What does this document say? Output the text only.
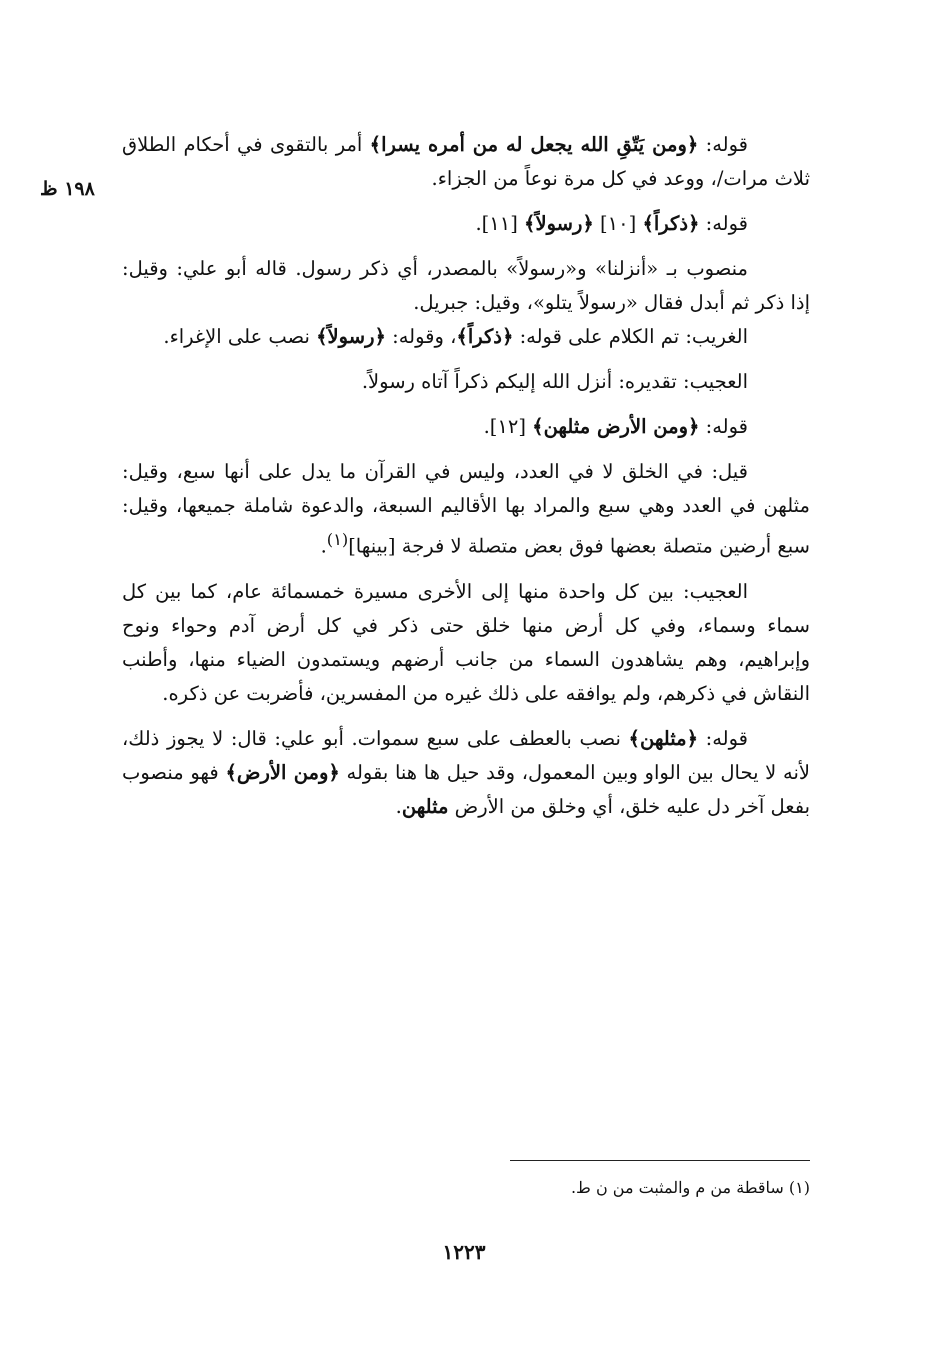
١٩٨ ظ

قوله: ﴿ومن يَتّقِ الله يجعل له من أمره يسرا﴾ أمر بالتقوى في أحكام الطلاق ثلاث مرات/، ووعد في كل مرة نوعاً من الجزاء.

قوله: ﴿ذكراً﴾ [١٠] ﴿رسولاً﴾ [١١].

منصوب بـ «أنزلنا» و«رسولاً» بالمصدر، أي ذكر رسول. قاله أبو علي: وقيل: إذا ذكر ثم أبدل فقال «رسولاً يتلو»، وقيل: جبريل.

الغريب: تم الكلام على قوله: ﴿ذكراً﴾، وقوله: ﴿رسولاً﴾ نصب على الإغراء.

العجيب: تقديره: أنزل الله إليكم ذكراً آتاه رسولاً.

قوله: ﴿ومن الأرض مثلهن﴾ [١٢].

قيل: في الخلق لا في العدد، وليس في القرآن ما يدل على أنها سبع، وقيل: مثلهن في العدد وهي سبع والمراد بها الأقاليم السبعة، والدعوة شاملة جميعها، وقيل: سبع أرضين متصلة بعضها فوق بعض متصلة لا فرجة [بينها]$^{(١)}$.

العجيب: بين كل واحدة منها إلى الأخرى مسيرة خمسمائة عام، كما بين كل سماء وسماء، وفي كل أرض منها خلق حتى ذكر في كل أرض آدم وحواء ونوح وإبراهيم، وهم يشاهدون السماء من جانب أرضهم ويستمدون الضياء منها، وأطنب النقاش في ذكرهم، ولم يوافقه على ذلك غيره من المفسرين، فأضربت عن ذكره.

قوله: ﴿مثلهن﴾ نصب بالعطف على سبع سموات. أبو علي: قال: لا يجوز ذلك، لأنه لا يحال بين الواو وبين المعمول، وقد حيل ها هنا بقوله ﴿ومن الأرض﴾ فهو منصوب بفعل آخر دل عليه خلق، أي وخلق من الأرض مثلهن.

(١) ساقطة من م والمثبت من ن ط.
١٢٢٣
